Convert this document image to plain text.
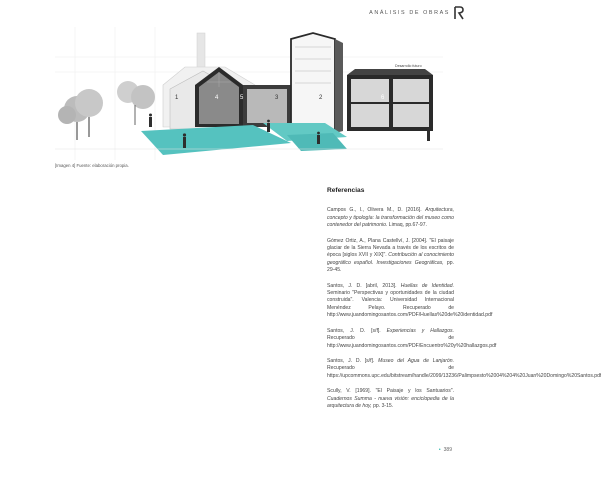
ANÁLISIS DE OBRAS
4	5
1	3	2	6
Desarrollo futuro
[Imagen 4] Fuente: elaboración propia.
Referencias
Campos G., I., Olivera M., D. [2016]. Arquitectura, concepto y tipología: la transformación del museo como contenedor del patrimonio. Limaq, pp.67-97.
Gómez Ortiz, A., Plana Castellví, J. [2004]. "El paisaje glaciar de la Sierra Nevada a través de los escritos de época [siglos XVII y XIX]". Contribución al conocimiento geográfico español. Investigaciones Geográficas, pp. 29-45.
Santos, J. D. [abril, 2013]. Huellas de Identidad. Seminario "Perspectivas y oportunidades de la ciudad construida". Valencia: Universidad Internacional Menéndez Pelayo. Recuperado de http://www.juandomingosantos.com/PDF/Huellas%20de%20identidad.pdf
Santos, J. D. [s/f]. Experiencias y Hallazgos. Recuperado de http://www.juandomingosantos.com/PDF/Encuentro%20y%20hallazgos.pdf
Santos, J. D. [s/f]. Museo del Agua de Lanjarón. Recuperado de https://upcommons.upc.edu/bitstream/handle/2099/13236/Palimpsesto%2004%204%20Juan%20Domingo%20Santos.pdf
Scully, V. [1969]. "El Paisaje y los Santuarios". Cuadernos Summa - nueva visión: enciclopedia de la arquitectura de hoy, pp. 3-15.
• 389
